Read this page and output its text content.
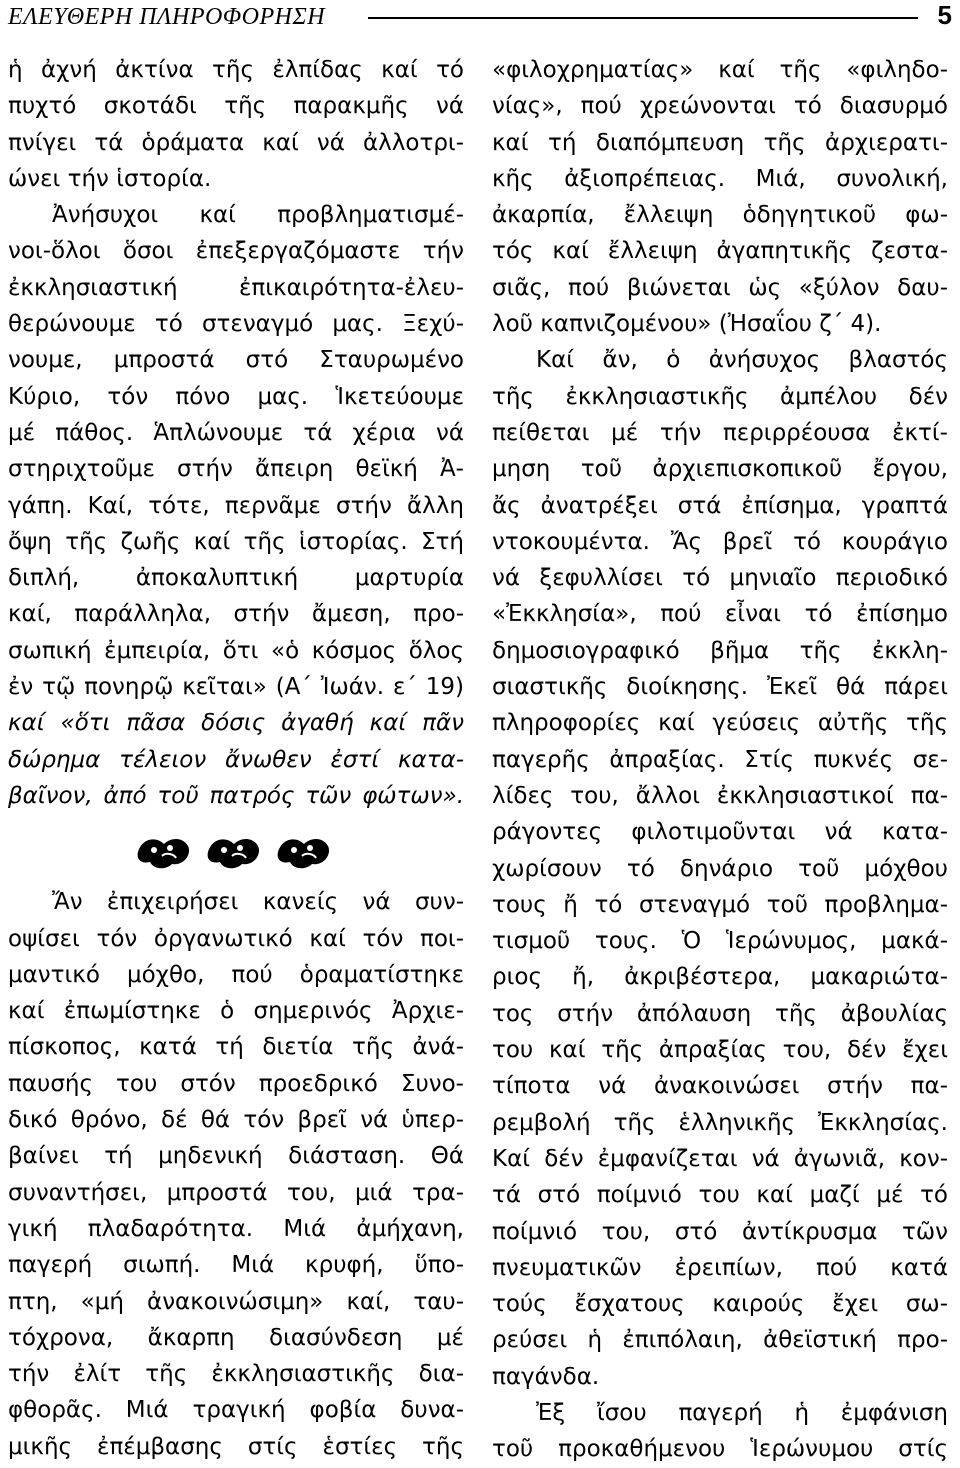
ΕΛΕΥΘΕΡΗ ΠΛΗΡΟΦΟΡΗΣΗ	5
ἡ ἀχνή ἀκτίνα τῆς ἐλπίδας καί τό
πυχτό σκοτάδι τῆς παρακμῆς νά
πνίγει τά ὁράματα καί νά ἀλλοτρι-
ώνει τήν ἱστορία.
Ἀνήσυχοι καί προβληματισμέ-
νοι-ὅλοι ὅσοι ἐπεξεργαζόμαστε τήν
ἐκκλησιαστική ἐπικαιρότητα-ἐλευ-
θερώνουμε τό στεναγμό μας. Ξεχύ-
νουμε, μπροστά στό Σταυρωμένο
Κύριο, τόν πόνο μας. Ἱκετεύουμε
μέ πάθος. Ἁπλώνουμε τά χέρια νά
στηριχτοῦμε στήν ἄπειρη θεϊκή Ἀ-
γάπη. Καί, τότε, περνᾶμε στήν ἄλλη
ὄψη τῆς ζωῆς καί τῆς ἱστορίας. Στή
διπλή, ἀποκαλυπτική μαρτυρία
καί, παράλληλα, στήν ἄμεση, προ-
σωπική ἐμπειρία, ὅτι «ὁ κόσμος ὅλος
ἐν τῷ πονηρῷ κεῖται» (Α΄ Ἰωάν. ε΄ 19)
καί «ὅτι πᾶσα δόσις ἀγαθή καί πᾶν
δώρημα τέλειον ἄνωθεν ἐστί κατα-
βαῖνον, ἀπό τοῦ πατρός τῶν φώτων».
Ἄν ἐπιχειρήσει κανείς νά συν-
οψίσει τόν ὀργανωτικό καί τόν ποι-
μαντικό μόχθο, πού ὁραματίστηκε
καί ἐπωμίστηκε ὁ σημερινός Ἀρχιε-
πίσκοπος, κατά τή διετία τῆς ἀνά-
παυσής του στόν προεδρικό Συνο-
δικό θρόνο, δέ θά τόν βρεῖ νά ὑπερ-
βαίνει τή μηδενική διάσταση. Θά
συναντήσει, μπροστά του, μιά τρα-
γική πλαδαρότητα. Μιά ἀμήχανη,
παγερή σιωπή. Μιά κρυφή, ὕπο-
πτη, «μή ἀνακοινώσιμη» καί, ταυ-
τόχρονα, ἄκαρπη διασύνδεση μέ
τήν ἐλίτ τῆς ἐκκλησιαστικῆς δια-
φθορᾶς. Μιά τραγική φοβία δυνα-
μικῆς ἐπέμβασης στίς ἑστίες τῆς
«φιλοχρηματίας» καί τῆς «φιληδο-
νίας», πού χρεώνονται τό διασυρμό
καί τή διαπόμπευση τῆς ἀρχιερατι-
κῆς ἀξιοπρέπειας. Μιά, συνολική,
ἀκαρπία, ἔλλειψη ὁδηγητικοῦ φω-
τός καί ἔλλειψη ἀγαπητικῆς ζεστα-
σιᾶς, πού βιώνεται ὡς «ξύλον δαυ-
λοῦ καπνιζομένου» (Ἠσαΐου ζ΄ 4).
Καί ἄν, ὁ ἀνήσυχος βλαστός
τῆς ἐκκλησιαστικῆς ἀμπέλου δέν
πείθεται μέ τήν περιρρέουσα ἐκτί-
μηση τοῦ ἀρχιεπισκοπικοῦ ἔργου,
ἄς ἀνατρέξει στά ἐπίσημα, γραπτά
ντοκουμέντα. Ἄς βρεῖ τό κουράγιο
νά ξεφυλλίσει τό μηνιαῖο περιοδικό
«Ἐκκλησία», πού εἶναι τό ἐπίσημο
δημοσιογραφικό βῆμα τῆς ἐκκλη-
σιαστικῆς διοίκησης. Ἐκεῖ θά πάρει
πληροφορίες καί γεύσεις αὐτῆς τῆς
παγερῆς ἀπραξίας. Στίς πυκνές σε-
λίδες του, ἄλλοι ἐκκλησιαστικοί πα-
ράγοντες φιλοτιμοῦνται νά κατα-
χωρίσουν τό δηνάριο τοῦ μόχθου
τους ἤ τό στεναγμό τοῦ προβλημα-
τισμοῦ τους. Ὁ Ἱερώνυμος, μακά-
ριος ἤ, ἀκριβέστερα, μακαριώτα-
τος στήν ἀπόλαυση τῆς ἀβουλίας
του καί τῆς ἀπραξίας του, δέν ἔχει
τίποτα νά ἀνακοινώσει στήν πα-
ρεμβολή τῆς ἑλληνικῆς Ἐκκλησίας.
Καί δέν ἐμφανίζεται νά ἀγωνιᾶ, κον-
τά στό ποίμνιό του καί μαζί μέ τό
ποίμνιό του, στό ἀντίκρυσμα τῶν
πνευματικῶν ἐρειπίων, πού κατά
τούς ἔσχατους καιρούς ἔχει σω-
ρεύσει ἡ ἐπιπόλαιη, ἀθεϊστική προ-
παγάνδα.
Ἐξ ἴσου παγερή ἡ ἐμφάνιση
τοῦ προκαθήμενου Ἱερώνυμου στίς
